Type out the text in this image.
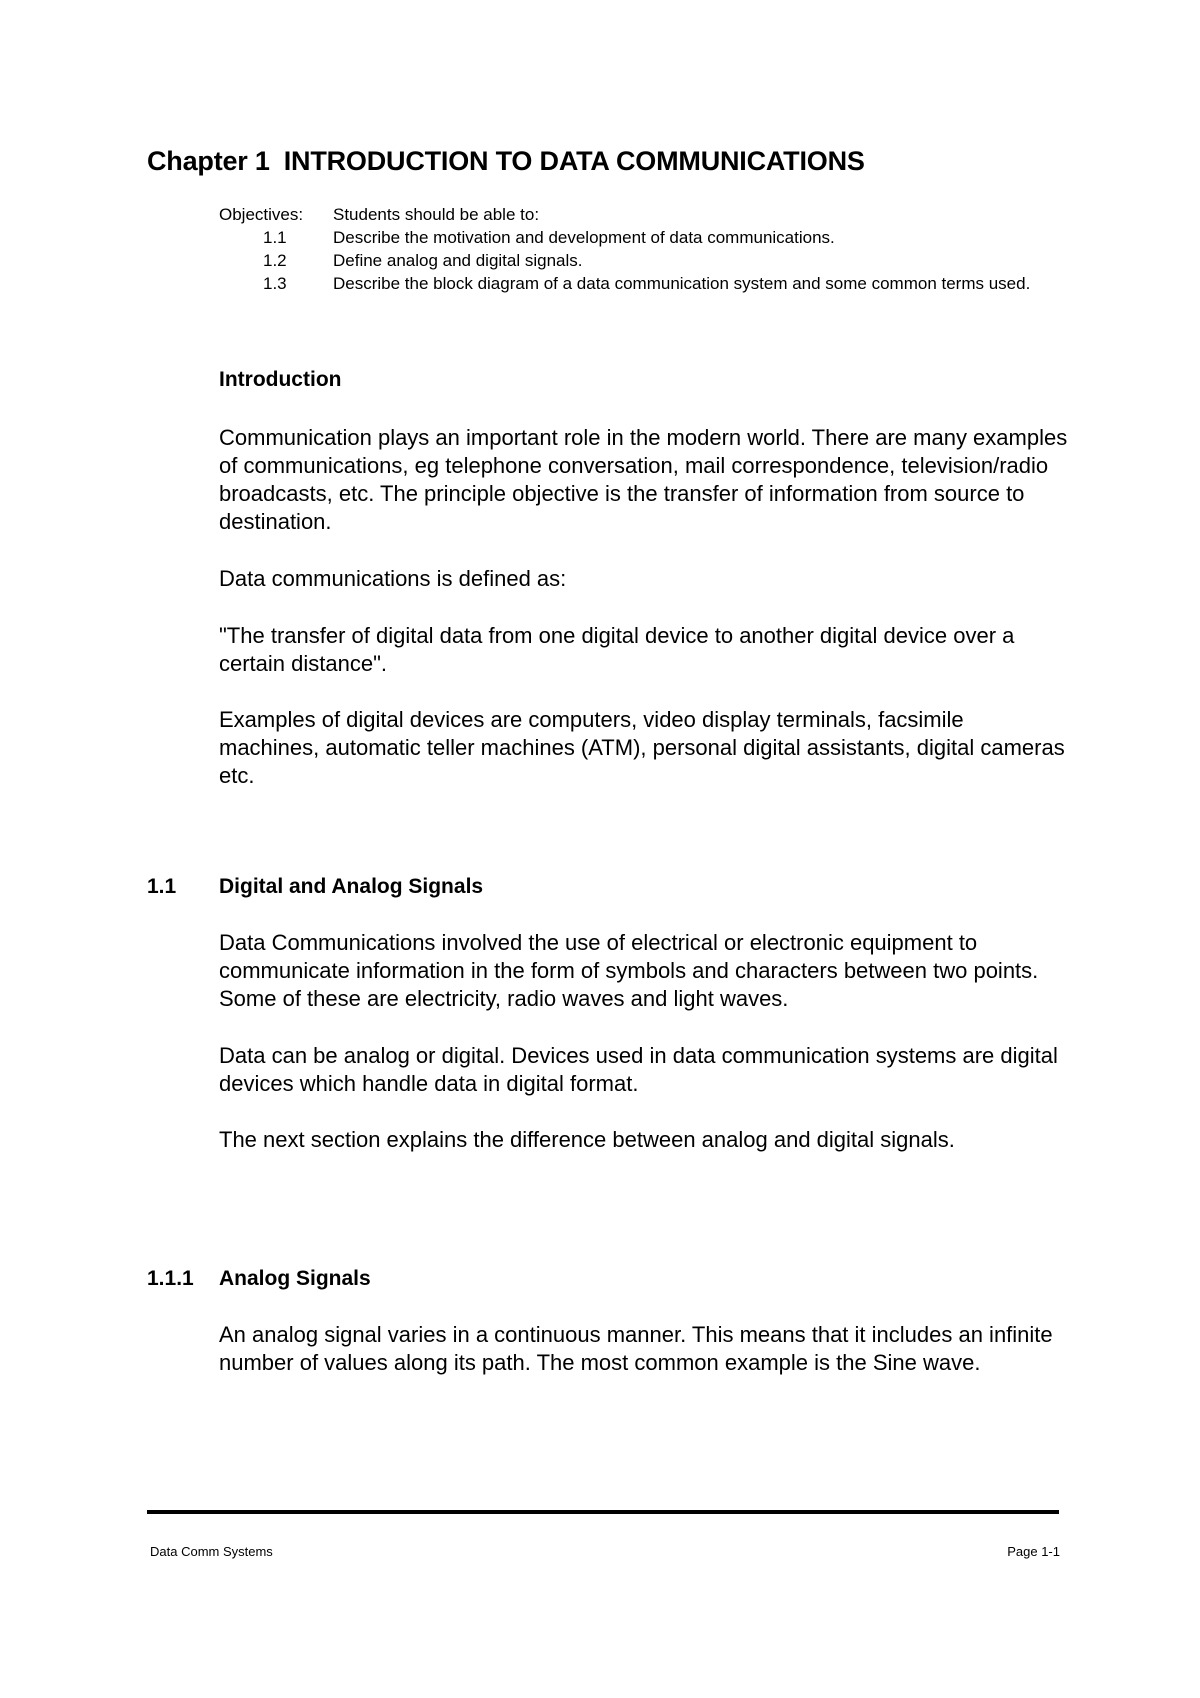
Chapter 1 INTRODUCTION TO DATA COMMUNICATIONS
Objectives:	Students should be able to:
1.1	Describe the motivation and development of data communications.
1.2	Define analog and digital signals.
1.3	Describe the block diagram of a data communication system and some common terms used.
Introduction
Communication plays an important role in the modern world. There are many examples of communications, eg telephone conversation, mail correspondence, television/radio broadcasts, etc. The principle objective is the transfer of information from source to destination.
Data communications is defined as:
"The transfer of digital data from one digital device to another digital device over a certain distance".
Examples of digital devices are computers, video display terminals, facsimile machines, automatic teller machines (ATM), personal digital assistants, digital cameras etc.
1.1 Digital and Analog Signals
Data Communications involved the use of electrical or electronic equipment to communicate information in the form of symbols and characters between two points. Some of these are electricity, radio waves and light waves.
Data can be analog or digital. Devices used in data communication systems are digital devices which handle data in digital format.
The next section explains the difference between analog and digital signals.
1.1.1 Analog Signals
An analog signal varies in a continuous manner. This means that it includes an infinite number of values along its path. The most common example is the Sine wave.
Data Comm Systems	Page 1-1
